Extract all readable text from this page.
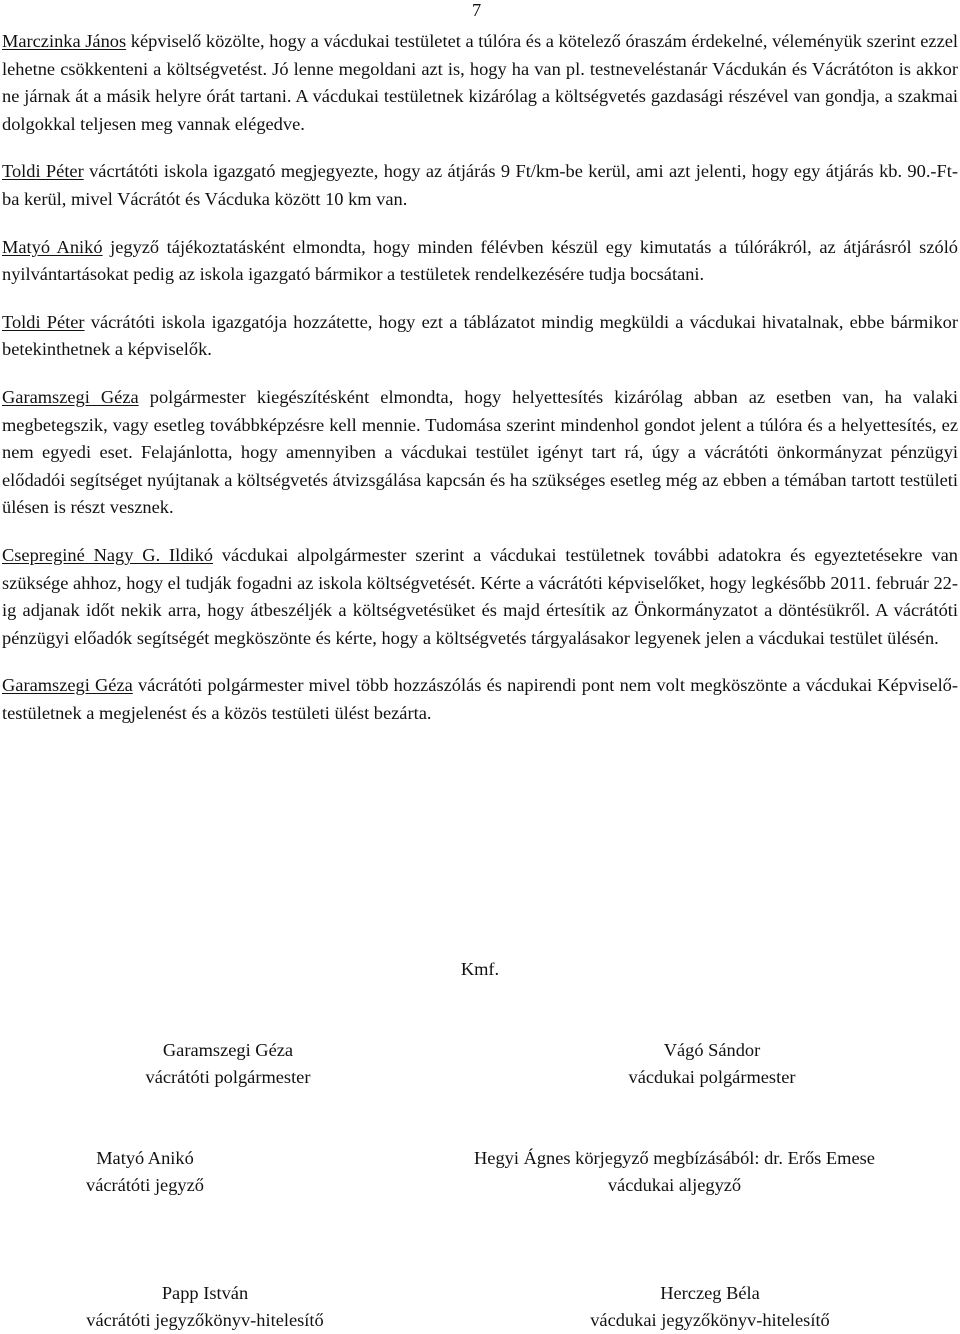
7

Marczinka János képviselő közölte, hogy a vácdukai testületet a túlóra és a kötelező óraszám érdekelné, véleményük szerint ezzel lehetne csökkenteni a költségvetést. Jó lenne megoldani azt is, hogy ha van pl. testneveléstanár Vácdukán és Vácrátóton is akkor ne járnak át a másik helyre órát tartani. A vácdukai testületnek kizárólag a költségvetés gazdasági részével van gondja, a szakmai dolgokkal teljesen meg vannak elégedve.

Toldi Péter vácrtátóti iskola igazgató megjegyezte, hogy az átjárás 9 Ft/km-be kerül, ami azt jelenti, hogy egy átjárás kb. 90.-Ft-ba kerül, mivel Vácrátót és Vácduka között 10 km van.

Matyó Anikó jegyző tájékoztatásként elmondta, hogy minden félévben készül egy kimutatás a túlórákról, az átjárásról szóló nyilvántartásokat pedig az iskola igazgató bármikor a testületek rendelkezésére tudja bocsátani.

Toldi Péter vácrátóti iskola igazgatója hozzátette, hogy ezt a táblázatot mindig megküldi a vácdukai hivatalnak, ebbe bármikor betekinthetnek a képviselők.

Garamszegi Géza polgármester kiegészítésként elmondta, hogy helyettesítés kizárólag abban az esetben van, ha valaki megbetegszik, vagy esetleg továbbképzésre kell mennie. Tudomása szerint mindenhol gondot jelent a túlóra és a helyettesítés, ez nem egyedi eset. Felajánlotta, hogy amennyiben a vácdukai testület igényt tart rá, úgy a vácrátóti önkormányzat pénzügyi elődadói segítséget nyújtanak a költségvetés átvizsgálása kapcsán és ha szükséges esetleg még az ebben a témában tartott testületi ülésen is részt vesznek.

Csepreginé Nagy G. Ildikó vácdukai alpolgármester szerint a vácdukai testületnek további adatokra és egyeztetésekre van szüksége ahhoz, hogy el tudják fogadni az iskola költségvetését. Kérte a vácrátóti képviselőket, hogy legkésőbb 2011. február 22-ig adjanak időt nekik arra, hogy átbeszéljék a költségvetésüket és majd értesítik az Önkormányzatot a döntésükről. A vácrátóti pénzügyi előadók segítségét megköszönte és kérte, hogy a költségvetés tárgyalásakor legyenek jelen a vácdukai testület ülésén.

Garamszegi Géza vácrátóti polgármester mivel több hozzászólás és napirendi pont nem volt megköszönte a vácdukai Képviselő-testületnek a megjelenést és a közös testületi ülést bezárta.

Kmf.
Garamszegi Géza
vácrátóti polgármester
Vágó Sándor
vácdukai polgármester
Matyó Anikó
vácrátóti jegyző
Hegyi Ágnes körjegyző megbízásából: dr. Erős Emese
vácdukai aljegyző
Papp István
vácrátóti jegyzőkönyv-hitelesítő
Herczeg Béla
vácdukai jegyzőkönyv-hitelesítő
